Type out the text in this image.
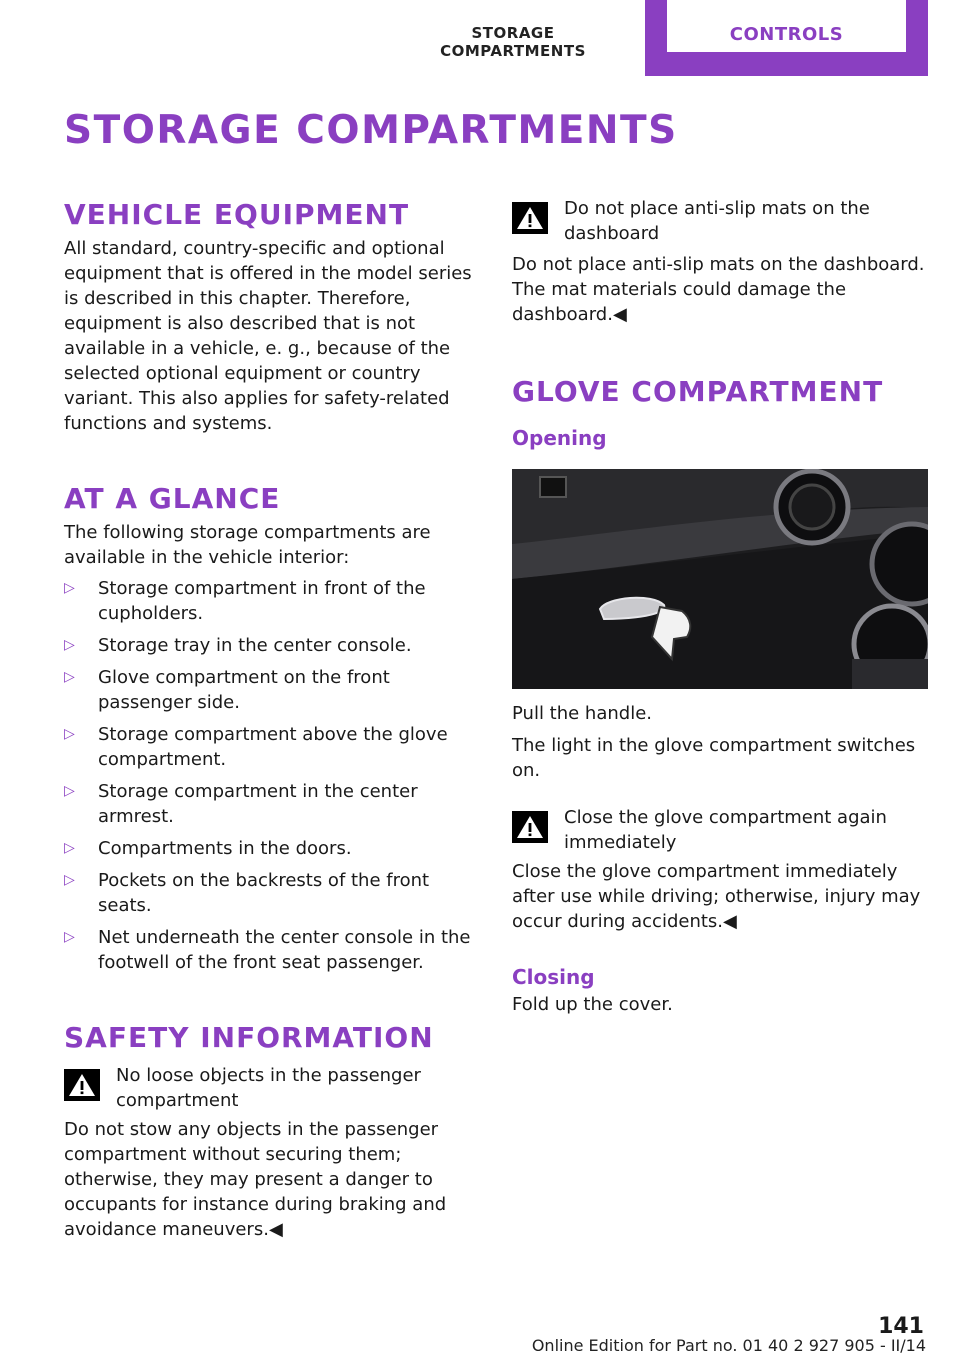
STORAGE COMPARTMENTS
CONTROLS
STORAGE COMPARTMENTS
VEHICLE EQUIPMENT

All standard, country-specific and optional equipment that is offered in the model series is described in this chapter. Therefore, equipment is also described that is not available in a vehicle, e. g., because of the selected optional equipment or country variant. This also applies for safety-related functions and systems.

AT A GLANCE

The following storage compartments are available in the vehicle interior:

▷ Storage compartment in front of the cupholders.
▷ Storage tray in the center console.
▷ Glove compartment on the front passenger side.
▷ Storage compartment above the glove compartment.
▷ Storage compartment in the center armrest.
▷ Compartments in the doors.
▷ Pockets on the backrests of the front seats.
▷ Net underneath the center console in the footwell of the front seat passenger.
SAFETY INFORMATION
No loose objects in the passenger compartment

Do not stow any objects in the passenger compartment without securing them; otherwise, they may present a danger to occupants for instance during braking and avoidance maneuvers.◀

Do not place anti-slip mats on the dashboard

Do not place anti-slip mats on the dashboard. The mat materials could damage the dashboard.◀

GLOVE COMPARTMENT
Opening

Pull the handle.

The light in the glove compartment switches on.

Close the glove compartment again immediately

Close the glove compartment immediately after use while driving; otherwise, injury may occur during accidents.◀

Closing

Fold up the cover.

141
Online Edition for Part no. 01 40 2 927 905 - II/14
